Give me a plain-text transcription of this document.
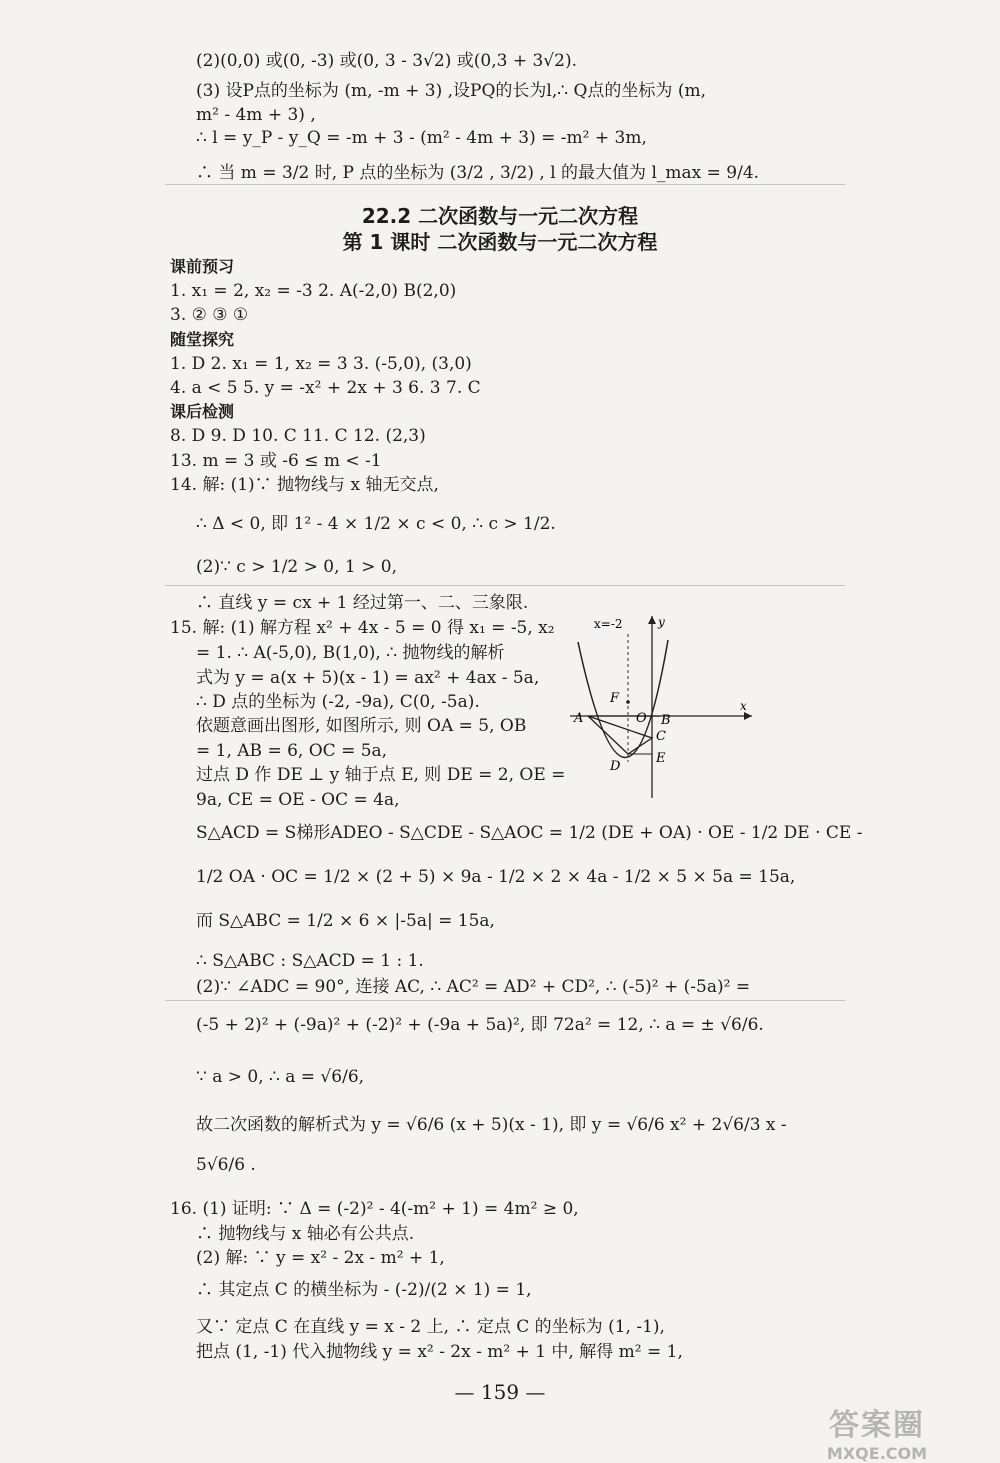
(2)(0,0) 或(0, -3) 或(0, 3 - 3√2) 或(0,3 + 3√2).
(3) 设P点的坐标为 (m, -m + 3) ,设PQ的长为l,∴ Q点的坐标为 (m,
m² - 4m + 3) ,
∴ l = y_P - y_Q = -m + 3 - (m² - 4m + 3) = -m² + 3m,
∴ 当 m = 3/2 时, P 点的坐标为 (3/2 , 3/2) , l 的最大值为 l_max = 9/4.
22.2 二次函数与一元二次方程
第 1 课时 二次函数与一元二次方程
课前预习
1. x₁ = 2, x₂ = -3 2. A(-2,0) B(2,0)
3. ② ③ ①
随堂探究
1. D 2. x₁ = 1, x₂ = 3 3. (-5,0), (3,0)
4. a < 5 5. y = -x² + 2x + 3 6. 3 7. C
课后检测
8. D 9. D 10. C 11. C 12. (2,3)
13. m = 3 或 -6 ≤ m < -1
14. 解: (1)∵ 抛物线与 x 轴无交点,
∴ Δ < 0, 即 1² - 4 × 1/2 × c < 0, ∴ c > 1/2.
(2)∵ c > 1/2 > 0, 1 > 0,
∴ 直线 y = cx + 1 经过第一、二、三象限.
15. 解: (1) 解方程 x² + 4x - 5 = 0 得 x₁ = -5, x₂
= 1. ∴ A(-5,0), B(1,0), ∴ 抛物线的解析
式为 y = a(x + 5)(x - 1) = ax² + 4ax - 5a,
∴ D 点的坐标为 (-2, -9a), C(0, -5a).
依题意画出图形, 如图所示, 则 OA = 5, OB
= 1, AB = 6, OC = 5a,
过点 D 作 DE ⊥ y 轴于点 E, 则 DE = 2, OE =
9a, CE = OE - OC = 4a,
S△ACD = S梯形ADEO - S△CDE - S△AOC = 1/2 (DE + OA) · OE - 1/2 DE · CE -
1/2 OA · OC = 1/2 × (2 + 5) × 9a - 1/2 × 2 × 4a - 1/2 × 5 × 5a = 15a,
而 S△ABC = 1/2 × 6 × |-5a| = 15a,
∴ S△ABC : S△ACD = 1 : 1.
(2)∵ ∠ADC = 90°, 连接 AC, ∴ AC² = AD² + CD², ∴ (-5)² + (-5a)² =
(-5 + 2)² + (-9a)² + (-2)² + (-9a + 5a)², 即 72a² = 12, ∴ a = ± √6/6.
∵ a > 0, ∴ a = √6/6,
故二次函数的解析式为 y = √6/6 (x + 5)(x - 1), 即 y = √6/6 x² + 2√6/3 x -
5√6/6 .
16. (1) 证明: ∵ Δ = (-2)² - 4(-m² + 1) = 4m² ≥ 0,
∴ 抛物线与 x 轴必有公共点.
(2) 解: ∵ y = x² - 2x - m² + 1,
∴ 其定点 C 的横坐标为 - (-2)/(2 × 1) = 1,
又∵ 定点 C 在直线 y = x - 2 上, ∴ 定点 C 的坐标为 (1, -1),
把点 (1, -1) 代入抛物线 y = x² - 2x - m² + 1 中, 解得 m² = 1,
x=-2	y
x
A	O B
F
C
D
E
— 159 —
答案圈
MXQE.COM
